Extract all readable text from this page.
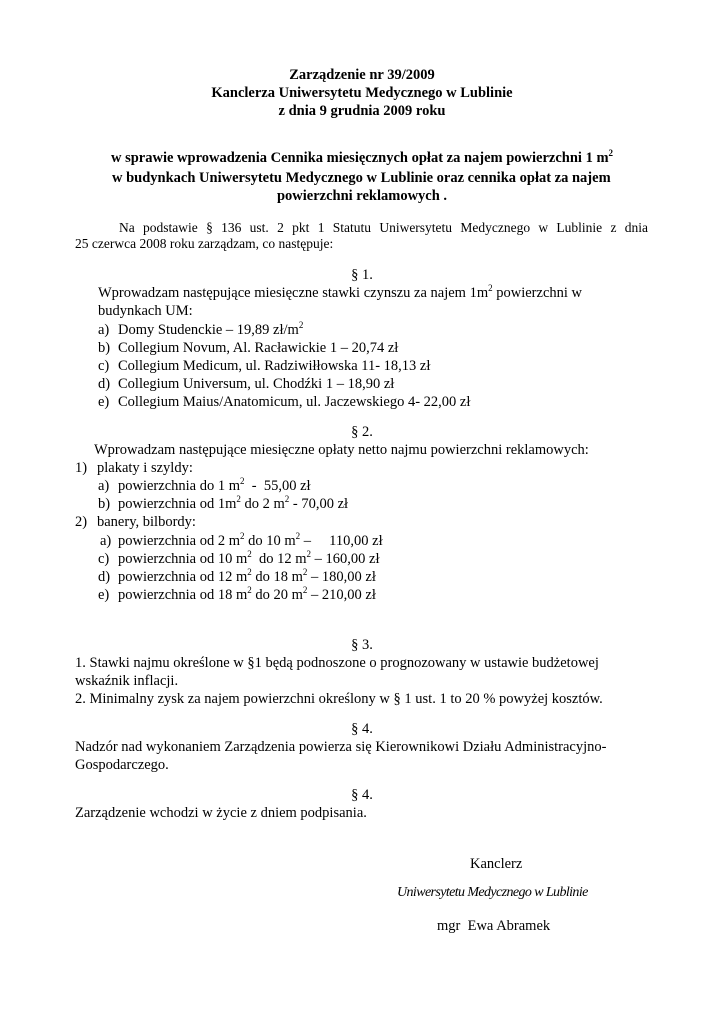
Zarządzenie nr 39/2009
Kanclerza Uniwersytetu Medycznego w Lublinie
z dnia 9 grudnia 2009 roku
w sprawie wprowadzenia Cennika miesięcznych opłat za najem powierzchni 1 $m^2$
w budynkach Uniwersytetu Medycznego w Lublinie oraz cennika opłat za najem
powierzchni reklamowych .
Na podstawie § 136 ust. 2 pkt 1 Statutu Uniwersytetu Medycznego w Lublinie z dnia
25 czerwca 2008 roku zarządzam, co następuje:
§ 1.
Wprowadzam następujące miesięczne stawki czynszu za najem $1m^2$ powierzchni w
budynkach UM:
a) Domy Studenckie – 19,89 $zł/m^2$
b) Collegium Novum, Al. Racławickie 1 – 20,74 zł
c) Collegium Medicum, ul. Radziwiłłowska 11- 18,13 zł
d) Collegium Universum, ul. Chodźki 1 – 18,90 zł
e) Collegium Maius/Anatomicum, ul. Jaczewskiego 4- 22,00 zł
§ 2.
Wprowadzam następujące miesięczne opłaty netto najmu powierzchni reklamowych:
1) plakaty i szyldy:
a) powierzchnia do 1 $m^2 - 55,00$ zł
b) powierzchnia od $1m^2$ do 2 $m^2 - 70,00$ zł
2) banery, bilbordy:
a) powierzchnia od 2 $m^2$ do 10 $m^2$ –     110,00 zł
c) powierzchnia od 10 $m^2$  do 12 $m^2 - 160,00$ zł
d) powierzchnia od 12 $m^2$ do 18 $m^2 - 180,00$ zł
e) powierzchnia od 18 $m^2$ do 20 $m^2 - 210,00$ zł
§ 3.
1. Stawki najmu określone w §1 będą podnoszone o prognozowany w ustawie budżetowej
wskaźnik inflacji.
2. Minimalny zysk za najem powierzchni określony w § 1 ust. 1 to 20 % powyżej kosztów.
§ 4.
Nadzór nad wykonaniem Zarządzenia powierza się Kierownikowi Działu Administracyjno-
Gospodarczego.
§ 4.
Zarządzenie wchodzi w życie z dniem podpisania.
Kanclerz
Uniwersytetu Medycznego w Lublinie
mgr  Ewa Abramek
